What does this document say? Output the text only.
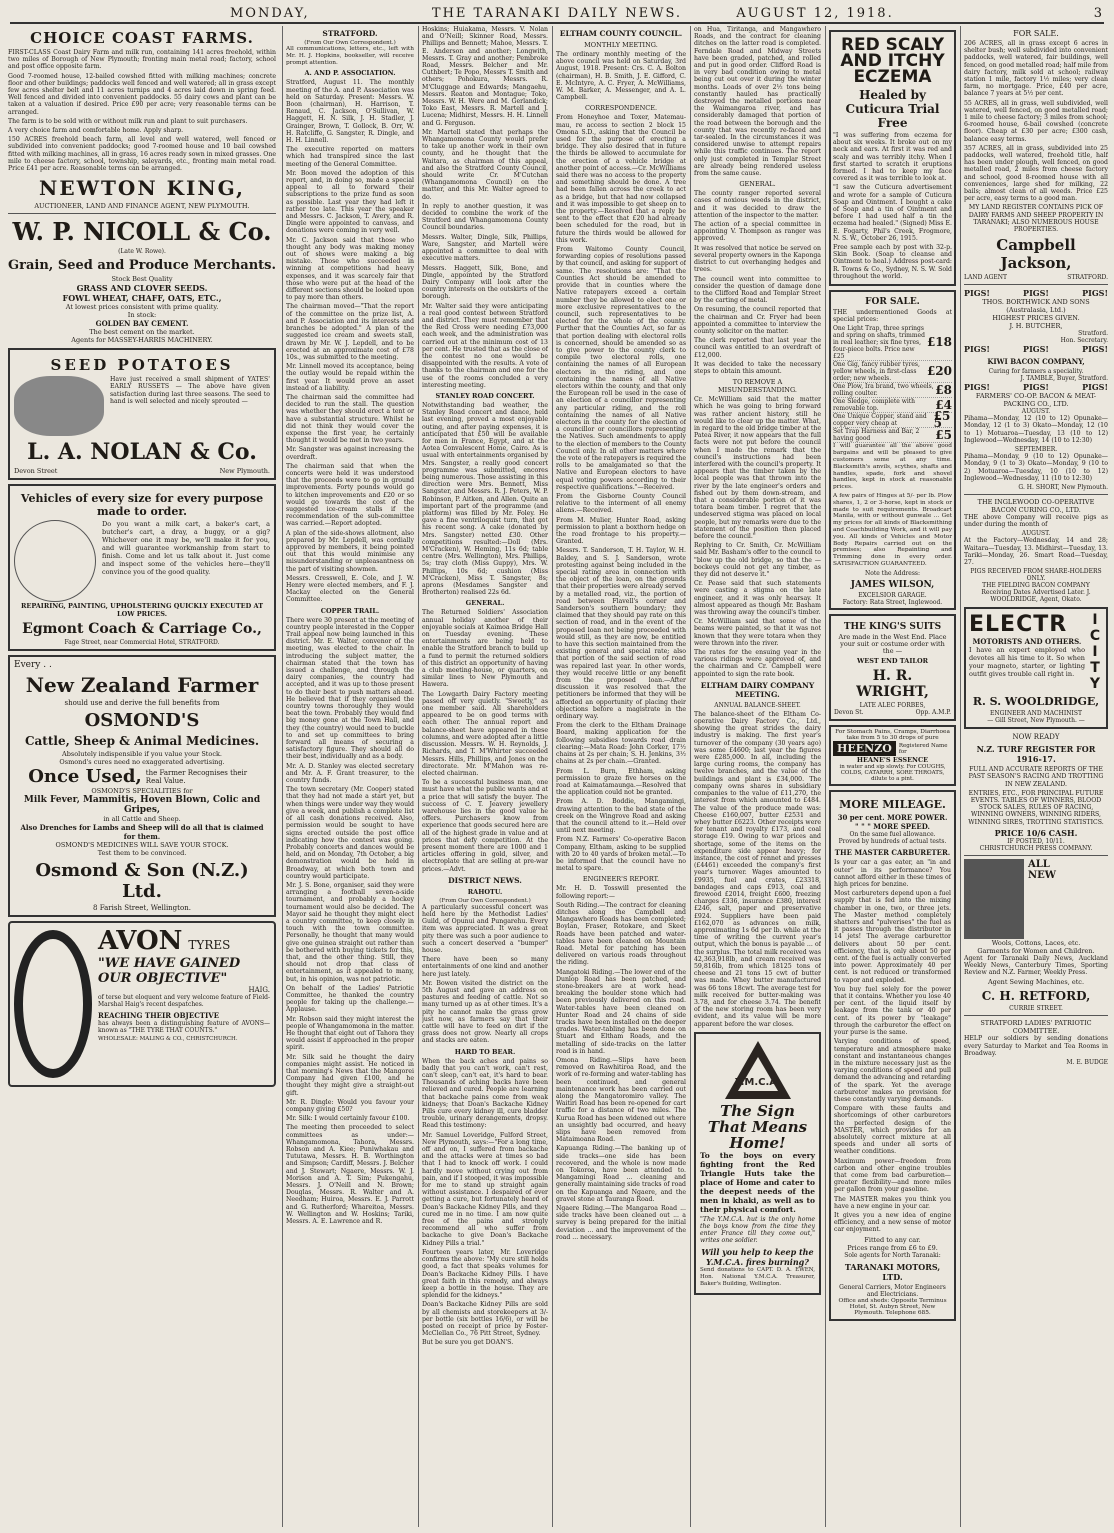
MONDAY,	THE TARANAKI DAILY NEWS.	AUGUST 12, 1918.	3
CHOICE COAST FARMS.

FIRST-CLASS Coast Dairy Farm and milk run, containing 141 acres freehold, within two miles of Borough of New Plymouth; fronting main metal road; factory, school and post office opposite farm.

Good 7-roomed house, 12-bailed cowshed fitted with milking machines; concrete floor and other buildings; paddocks well fenced and well watered; all in grass except few acres shelter belt and 11 acres turnips and 4 acres laid down in spring feed. Well fenced and divided into convenient paddocks. 55 dairy cows and plant can be taken at a valuation if desired. Price £90 per acre; very reasonable terms can be arranged.

The farm is to be sold with or without milk run and plant to suit purchasers.

A very choice farm and comfortable home. Apply sharp.

150 ACRES freehold beach farm, all level and well watered, well fenced or subdivided into convenient paddocks; good 7-roomed house and 10 bail cowshed fitted with milking machines, all in grass, 16 acres ready sown in mixed grasses. One mile to cheese factory, school, township, saleyards, etc., fronting main metal road. Price £41 per acre. Reasonable terms can be arranged.

NEWTON KING,
AUCTIONEER, LAND AND FINANCE AGENT, NEW PLYMOUTH.
W. P. NICOLL & Co.
(Late W. Rowe).
Grain, Seed and Produce Merchants.
Stock Best Quality
GRASS AND CLOVER SEEDS.
FOWL WHEAT, CHAFF, OATS, ETC.,
At lowest prices consistent with prime quality.
In stock:
GOLDEN BAY CEMENT.
The best cement on the market.
Agents for MASSEY-HARRIS MACHINERY.
SEED POTATOES

Have just received a small shipment of YATES' EARLY RUSSETS — The above have given satisfaction during last three seasons. The seed to hand is well selected and nicely sprouted —

L. A. NOLAN & Co.
Devon Street	New Plymouth.
Vehicles of every size for every purpose made to order.

Do you want a milk cart, a baker's cart, a butcher's cart, a dray, a buggy, or a gig? Whichever one it may be, we'll make it for you, and will guarantee workmanship from start to finish. Come and let us talk about it. Just come and inspect some of the vehicles here—they'll convince you of the good quality.

REPAIRING, PAINTING, UPHOLSTERING QUICKLY EXECUTED AT LOW PRICES.
Egmont Coach & Carriage Co.,
Fage Street, near Commercial Hotel, STRATFORD.
Every . .
New Zealand Farmer
should use and derive the full benefits from
OSMOND'S
Cattle, Sheep & Animal Medicines.
Absolutely indispensible if you value your Stock.
Osmond's cures need no exaggerated advertising.
Once Used, the Farmer Recognises their Real Value.
OSMOND'S SPECIALITIES for
Milk Fever, Mammitis, Hoven Blown, Colic and Gripes,
in all Cattle and Sheep.
Also Drenches for Lambs and Sheep will do all that is claimed for them.
OSMOND'S MEDICINES WILL SAVE YOUR STOCK.
Test them to be convinced.
Osmond & Son (N.Z.) Ltd.
8 Farish Street, Wellington.
AVON TYRES
"WE HAVE GAINED OUR OBJECTIVE"
HAIG.

of terse but eloquent and very welcome feature of Field-Marshal Haig's recent despatches.

REACHING THEIR OBJECTIVE

has always been a distinguishing feature of AVONS—known as "THE TYRE THAT COUNTS."

WHOLESALE: MALING & CO., CHRISTCHURCH.
STRATFORD.
(From Our Own Correspondent.)

All communications, letters, etc., left with Mr. H. J. Hopkins, bookseller, will receive prompt attention.

A. AND P. ASSOCIATION.

Stratford, August 11. The monthly meeting of the A. and P. Association was held on Saturday. Present: Messrs. W. Boon (chairman), H. Harrison, T. Renaud, C. Jackson, O'Sullivan, W. Haggett, H. N. Silk, J. H. Stadler, J. Grainger, Brown, T. Gollock, B. Orr, W. H. Ratcliffe, G. Sangster, R. Dingle, and H. H. Linnell.

The executive reported on matters which had transpired since the last meeting of the General Committee.

Mr. Boon moved the adoption of this report, and, in doing so, made a special appeal to all to forward their subscriptions to the prize fund as soon as possible. Last year they had left it rather too late. This year the speaker and Messrs. C. Jackson, T. Avery, and R. Dingle were appointed to canvass, and donations were coming in very well.

Mr. C. Jackson said that those who thought any body was making money out of shows were making a big mistake. Those who succeeded in winning at competitions had heavy expenses, and it was scarcely fair that those who were put at the head of the different sections should be looked upon to pay more than others.

The chairman moved—"That the report of the committee on the prize list, A. and P. Association and its interests and branches be adopted." A plan of the suggested ice cream and sweets stall, drawn by Mr. W. J. Lepdell, and to be erected at an approximate cost of £78 10s., was submitted to the meeting.

Mr. Linnell moved its acceptance, being the outlay would be repaid within the first year. It would prove an asset instead of a liability.

The chairman said the committee had decided to run the stall. The question was whether they should erect a tent or have a substantial structure. Whilst he did not think they would cover the expense the first year, he certainly thought it would be met in two years.

Mr. Sangster was against increasing the overdraft.

The chairman said that when the concerts were held it was understood that the proceeds were to go in ground improvements. Forty pounds would go to kitchen improvements and £20 or so would go towards the cost of the suggested ice-cream stalls if the recommendation of the sub-committee was carried.—Report adopted.

A plan of the side-shows allotment, also prepared by Mr. Lepdell, was cordially approved by members, it being pointed out that this would minimise any misunderstanding or unpleasantness on the part of visiting showmen.

Messrs. Cresswell, E. Cole, and J. W. Henry were elected members, and F. J. Mackay elected on the General Committee.

COPPER TRAIL.

There were 30 present at the meeting of country people interested in the Copper Trail appeal now being launched in this district. Mr. E. Walter, convenor of the meeting, was elected to the chair. In introducing the subject matter, the chairman stated that the town has issued a challenge, and through the dairy companies, the country had accepted, and it was up to those present to do their best to push matters ahead. He believed that if they organised the country towns thoroughly they would beat the town. Probably they would find big money gone at the Town Hall, and they (the country) would need to buckle to and set up committees to bring forward all means of securing a satisfactory figure. They should all do their best, individually and as a body.

Mr. A. D. Stanley was elected secretary and Mr. A. F. Grant treasurer, to the country funds.

The town secretary (Mr. Cooper) stated that they had not made a start yet, but when things were under way they would give a week, and publish a complete list of all cash donations received. Also, permission would be sought to have signs erected outside the post office indicating how the contest was going. Probably concerts and dances would be held, and on Monday, 7th October, a big demonstration would be held in Broadway, at which both town and country would participate.

Mr. J. S. Bone, organiser, said they were arranging a football seven-a-side tournament, and probably a hockey tournament would also be decided. The Mayor said he thought they might elect a country committee, to keep closely in touch with the town committee. Personally, he thought that many would give one guinea straight out rather than be bothered with buying tickets for this, that, and the other thing. Still, they should not drop that class of entertainment, as it appealed to many, but, in his opinion, was not patriotic.

On behalf of the Ladies' Patriotic Committee, he thanked the country people for taking up the challenge.—Applause.

Mr. Robson said they might interest the people of Whangamomona in the matter. He thought that eight out of Tahora they would assist if approached in the proper spirit.

Mr. Silk said he thought the dairy companies might assist. He noticed in that morning's News that the Mangorei Company had given £100, and he thought they might give a straight-out gift.

Mr. R. Dingle: Would you favour your company giving £50?

Mr. Silk: I would certainly favour £100.

The meeting then proceeded to select committees as under:—Whangamomona, Tahora, Messrs. Robson and A. Kiee; Puniwhakau and Tututawa, Messrs. H. B. Worthington and Simpson; Cardiff, Messrs. J. Belcher and J. Stewart; Ngaere, Messrs. W. J. Morison and A. T. Sim; Pukengahu, Messrs. J. O'Neill and N. Brown; Douglas, Messrs. R. Walter and A. Needham; Huiroa, Messrs. E. J. Parrott and G. Rutherford; Whareitoa, Messrs. W. Wellington and W. Hoskins; Tariki, Messrs. A. E. Lawrence and R.

Hoskins; Huiakama, Messrs. V. Nolan and O'Neill; Skinner Road, Messrs. Phillips and Bennett; Mahoe, Messrs. T. E. Anderson and another; Longwith, Messrs. T. Gray and another; Pembroke Road, Messrs. Belcher and Mr. Cuthbert; Te Popo, Messrs T. Smith and others; Pohokura, Messrs. R. M'Cluggage and Edwards; Mangaehu, Messrs. Reaton and Montague; Toko, Messrs. W. H. Were and M. Gerlandick; Toko East, Messrs. R. Martell and J. Lucena; Midhirst, Messrs. H. H. Linnell and G. Ferguson.

Mr. Martell stated that perhaps the Whangamomona County would prefer to take up another work in their own county, and he thought that the Waitara, as chairman of this appeal, and also the Stratford County Council, should write Cr. M'Cutchan (Whangamomona Council) on the matter, and this Mr. Walter agreed to do.

In reply to another question, it was decided to combine the work of the Stratford and Whangamomona County Council boundaries.

Messrs. Walter, Dingle, Silk, Phillips, Ware, Sangster, and Martell were appointed a committee to deal with executive matters.

Messrs. Haggett, Silk, Bone, and Dingle, appointed by the Stratford Dairy Company will look after the country interests on the outskirts of the borough.

Mr. Walter said they were anticipating a real good contest between Stratford and district. They must remember that the Red Cross were needing £73,000 each week, and the administration was carried out at the minimum cost of 13 per cent. He trusted that as the close of the contest no one would be disappointed with the results. A vote of thanks to the chairman and one for the use of the rooms concluded a very interesting meeting.

STANLEY ROAD CONCERT.

Notwithstanding bad weather, the Stanley Road concert and dance, held last evening, proved a most enjoyable outing, and after paying expenses, it is anticipated that £50 will be available for men in France, Egypt, and at the Aotea Convalescent Home, Cairo. As is usual with entertainments organised by Mrs. Sangster, a really good concert programme was submitted, encores being numerous. Those assisting in this direction were Mrs. Bennett, Miss Sangster, and Messrs. R. J. Peters, W. P. Robinson, P. Aitken, and Allen. Quite an important part of the programme (and platform) was filled by Mr. Foley. He gave a fine ventriloquist turn, that got his recent song. A cake (donated by Mrs. Sangster) netted £30. Other competitions resulted:—Doll (Mrs. M'Cracken), W. Heming, 11s 6d; table centre (Mrs. Wellington), Mrs. Phillips, 5s; tray cloth (Miss Guppy), Mrs. W. Phillips, 10s 6d; cushion (Miss M'Cracken), Miss T. Sangster, 8s; aprons (Mesdames Sangster and Brotherton) realised 22s 6d.

GENERAL.

The Returned Soldiers' Association annual holiday another of their enjoyable socials at Kaimoa Bridge Hall on Tuesday evening. These entertainments are being held to enable the Stratford branch to build up a fund to permit the returned soldiers of this district an opportunity of having a club meeting-house, or quarters, on similar lines to New Plymouth and Hawera.

The Lowgarth Dairy Factory meeting passed off very quietly. "Sweetly," as one member said. All shareholders appeared to be on good terms with each other. The annual report and balance-sheet have appeared in these columns, and were adopted after a little discussion. Messrs. W. H. Reynolds, J. Richards, and T. M'Whirter succeeded Messrs. Hills, Phillips, and Jones on the directorate. Mr. M'Mahon was re-elected chairman.

To be a successful business man, one must have what the public wants and at a price that will satisfy the buyer. The success of C. T. Jeavery jewellery warehouse lies in the good value he offers. Purchasers know from experience that goods secured here are all of the highest grade in value and at prices that defy competition. At the present moment there are 1000 and 1 articles offering in gold, silver, and electroplate that are selling at pre-war prices.—Advt.

DISTRICT NEWS.
RAHOTU.
(From Our Own Correspondent.)

A particularly successful concert was held here by the Methodist Ladies' Guild, of Opunui and Pungarehu. Every item was appreciated. It was a great pity there was such a poor audience to such a concert deserved a "bumper" house.

There have been so many entertainments of one kind and another here just lately.

Mr. Bowen visited the district on the 5th August and gave an address on pastures and feeding of cattle. Not so many turned up as at other times. It's a pity he cannot make the grass grow just now, as farmers say that their cattle will have to feed on dirt if the grass does not grow. Nearly all crops and stacks are eaten.

HARD TO BEAR.

When the back aches and pains so badly that you can't work, can't rest, can't sleep, can't eat, it's hard to bear. Thousands of aching backs have been relieved and cured. People are learning that backache pains come from weak kidneys; that Doan's Backache Kidney Pills cure every kidney ill, cure bladder trouble, urinary derangements, dropsy. Read this testimony:

Mr. Samuel Loveridge, Fulford Street, New Plymouth, says:—"For a long time, off and on, I suffered from backache and the attacks were at times so bad that I had to knock off work. I could hardly move without crying out from pain, and if I stooped, it was impossible for me to stand up straight again without assistance. I despaired of ever getting a cure, but fortunately heard of Doan's Backache Kidney Pills, and they cured me in no time. I am now quite free of the pains and strongly recommend all who suffer from backache to give Doan's Backache Kidney Pills a trial."

Fourteen years later, Mr. Loveridge confirms the above: "My cure still holds good, a fact that speaks volumes for Doan's Backache Kidney Pills. I have great faith in this remedy, and always keep a bottle in the house. They are splendid for the kidneys."

Doan's Backache Kidney Pills are sold by all chemists and storekeepers at 3/- per bottle (six bottles 16/6), or will be posted on receipt of price by Foster-McClellan Co., 76 Pitt Street, Sydney.

But be sure you get DOAN'S.

ELTHAM COUNTY COUNCIL.
MONTHLY MEETING.

The ordinary monthly meeting of the above council was held on Saturday, 3rd August, 1918. Present: Crs. C. A. Bolton (chairman), H. B. Smith, J. E. Gifford, C. E. McIntyre, A. C. Fryer, A. McWilliams, W. M. Barker, A. Messenger, and A. L. Campbell.

CORRESPONDENCE.

From Honeyhoe and Toxer, Matemau-mau, re access to section 2 block 15 Omona S.D., asking that the Council be used for the purpose of erecting a bridge. They also desired that in future the thirds be allowed to accumulate for the erection of a vehicle bridge at another point of access.—Cr. McWilliams said there was no access to the property and something should be done. A tree had been fallen across the creek to act as a bridge, but that had now collapsed and it was impossible to get sheep on to the property.—Resolved that a reply be sent to the effect that £20 had already been scheduled for the road, but in future the thirds would be allowed for this work.

From Waitomo County Council, forwarding copies of resolutions passed by that council, and asking for support of same. The resolutions are: "That the Counties Act should be amended to provide that in counties where the Native ratepayers exceed a certain number they be allowed to elect one or more exclusive representatives to the council, such representatives to be elected for the whole of the county. Further that the Counties Act, so far as that portion dealing with electoral rolls is concerned, should be amended so as to give power to the county clerk to compile two electoral rolls, one containing the names of all European electors in the riding, and one containing the names of all Native electors within the county, and that only the European roll be used in the case of an election of a councillor representing any particular riding, and the roll containing the names of all Native electors in the county for the election of a councillor or councillors representing the Natives. Such amendments to apply to the election of members to the County Council only. In all other matters where the vote of the ratepayers is required the rolls to be amalgamated so that the Native and European electors to have equal voting powers according to their respective qualifications."—Received.

From the Gisborne County Council relative to the interment of all enemy aliens.—Received.

From M. Mulier, Hunter Road, asking permission to plant a boxthorn hedge on the road frontage to his property.—Granted.

Messrs. T. Sanderson, T. H. Taylor, W. H. Baldey, and S. J. Sanderson, wrote protesting against being included in the special rating area in connection with the object of the loan, on the grounds that their properties were already served by a metalled road, viz., the portion of road between Flavell's corner and Sanderson's southern boundary; they claimed that they should pay rate on this section of road, and in the event of the proposed loan not being proceeded with would still, as they are now, be entitled to have this section maintained from the existing general and special rate; also that portion of the said section of road was repaired last year. In other words, they would receive little or any benefit from the proposed loan.—After discussion it was resolved that the petitioners be informed that they will be afforded an opportunity of placing their objections before a magistrate in the ordinary way.

From the clerk to the Eltham Drainage Board, making application for the following subsidies towards road drain clearing:—Mata Road: John Corker, 17½ chains at 2s per chain; S. H. Jenkins, 3½ chains at 2s per chain.—Granted.

From L. Burn, Ethham, asking permission to graze five horses on the road at Kaimatamaunga.—Resolved that the application could not be granted.

From A. D. Boddie, Mangamingi, drawing attention to the bad state of the creek on the Wingrove Road and asking that the council attend to it.—Held over until next meeting.

From N.Z. Farmers' Co-operative Bacon Company, Eltham, asking to be supplied with 20 to 40 yards of broken metal.—To be informed that the council have no metal to spare.

ENGINEER'S REPORT.

Mr. H. D. Tosswill presented the following report:—

South Riding.—The contract for cleaning ditches along the Campbell and Mangawhero Roads has been completed; Boylan, Fraser, Rotokare, and Skeet Roads have been patched and water-tables have been cleaned on Mountain Road. Metal for patching has been delivered on various roads throughout the riding.

Mangatoki Riding.—The lower end of the Dunlop Road has been patched, and stone-breakers are at work head-breaking the boulder stone which had been previously delivered on this road. Water-tables have been cleaned on Hunter Road and 24 chains of side tracks have been installed on the deeper grades. Water-tabling has been done on Stuart and Eltham Roads, and the metalling of side-tracks on the latter road is in hand.

Omona Riding.—Slips have been removed on Rawhitiroa Road, and the work of re-forming and water-tabling has been continued, and general maintenance work has been carried out along the Mangatoromiro valley. The Waitiri Road has been re-opened for cart traffic for a distance of two miles. The Kurua Road has been widened out where an unsightly bad occurred, and heavy slips have been removed from Mataimoana Road.

Kapuanga Riding.—The banking up of side tracks—one side has been recovered, and the whole is now made on Tokoroa, have been attended to. Mangamingi Road ... cleaning and generally maintaining side tracks of road on the Kapuanga and Ngaere, and the gravel stone at Tauranga Road.

Ngaere Riding.—The Mangaroa Road ... side tracks have been cleaned out ... a survey is being prepared for the initial deviation ... and the improvement of the road ... necessary.

on Hua, Tiritanga, and Mangawhero Roads, and the contract for cleaning ditches on the latter road is completed. Ferndale Road and Midway Streets have been graded, patched, and rolled and put in good order. Clifford Road is in very bad condition owing to metal being cut out over it during the winter months. Loads of over 2½ tons being constantly hauled has practically destroyed the metalled portions near the Waimangaroa river, and has considerably damaged that portion of the road between the borough and the county that was recently re-faced and tar-sealed. In the circumstances it was considered unwise to attempt repairs while this traffic continues. The report only just completed in Templar Street are already being rendered useless from the same cause.

GENERAL.

The county ranger reported several cases of noxious weeds in the district, and it was decided to draw the attention of the inspector to the matter.

The action of a special committee in appointing V. Thompson as ranger was approved.

It was resolved that notice be served on several property owners in the Kaponga district to cut overhanging hedges and trees.

The council went into committee to consider the question of damage done to the Clifford Road and Templar Street by the carting of metal.

On resuming, the council reported that the chairman and Cr. Fryer had been appointed a committee to interview the county solicitor on the matter.

The clerk reported that last year the council was entitled to an overdraft of £12,000.

It was decided to take the necessary steps to obtain this amount.

TO REMOVE A MISUNDERSTANDING.

Cr. McWilliam said that the matter which he was going to bring forward was rather ancient history, still he would like to clear up the matter. What, in regard to the old bridge timber at the Patea River, it now appears that the full facts were not put before the council when I made the remark that the council's instructions had been interfered with the council's property. It appears that the timber taken by the local people was that thrown into the river by the late engineer's orders and fished out by them down-stream, and that a considerable portion of it was totara beam timber. I regret that the undeserved stigma was placed on local people, but my remarks were due to the statement of the position then placed before the council."

Replying to Cr. Smith, Cr. McWilliam said Mr. Basham's offer to the council to "blow up the old bridge, so that the — bockeys could not get any timber, as they did not deserve it."

Cr. Pease said that such statements were casting a stigma on the late engineer, and it was only hearsay. It almost appeared as though Mr. Basham was throwing away the council's timber.

Cr. McWilliam said that some of the beams were painted, so that it was not known that they were totara when they were thrown into the river.

The rates for the ensuing year in the various ridings were approved of, and the chairman and Cr. Campbell were appointed to sign the rate book.

ELTHAM DAIRY COMPANY MEETING.
ANNUAL BALANCE-SHEET.

The balance-sheet of the Eltham Co-operative Dairy Factory Co., Ltd., showing the great strides the dairy industry is making. The first year's turnover of the company (30 years ago) was some £4600; last year the figures were £285,000. In all, including the large curing rooms, the company has twelve branches, and the value of the buildings and plant is £34,000. The company owns shares in subsidiary companies to the value of £11,270, the interest from which amounted to £484. The value of the produce made was: Cheese £160,007, butter £2531 and whey butter £6223. Other receipts were for tenant and royalty £173, and coal storage £19. Owing to war prices and shortage, some of the items on the expenditure side appear heavy; for instance, the cost of rennet and presses (£4461) exceeded the company's first year's turnover. Wages amounted to £9935, fuel and crates, £23318, bandages and caps £913, coal and firewood £2014, freight £600, freezing charges £336, insurance £380, interest £246, salt, paper and preservative £924. Suppliers have been paid £162,070 as advances on milk, approximating 1s 6d per lb. while at the time of writing the current year's output, which the bonus is payable ... of the surplus. The total milk received was 42,363,918lb, and cream received was 59,816lb, from which 18125 tons of cheese and 21 tons 15 cwt of butter was made. Whey butter manufactured was 66 tons 18cwt. The average test for milk received for butter-making was 3.78, and for cheese 3.74. The benefit of the new storing room has been very evident, and its value will be more apparent before the war closes.

Y.M.C.A.
The Sign That Means Home!

To the boys on every fighting front the Red Triangle Huts take the place of Home and cater to the deepest needs of the men in khaki, as well as to their physical comfort.

"The Y.M.C.A. hut is the only home the boys know from the time they enter France till they come out," writes one soldier.

Will you help to keep the Y.M.C.A. fires burning?

Send donations to CAPT. D. A. EWEN, Hon. National Y.M.C.A. Treasurer, Baker's Building, Wellington.

RED SCALY AND ITCHY ECZEMA
Healed by Cuticura Trial Free

"I was suffering from eczema for about six weeks. It broke out on my neck and ears. At first it was red and scaly and was terribly itchy. When I first started to scratch it eruptions formed. I had to keep my face covered as it was terrible to look at.

"I saw the Cuticura advertisement and wrote for a sample of Cuticura Soap and Ointment. I bought a cake of Soap and a tin of Ointment and before I had used half a tin the eczema had healed." (Signed) Miss E. E. Fogarty, Phil's Creek, Frogmore, N. S. W., October 26, 1915.

Free sample each by post with 32-p. Skin Book. (Soap to cleanse and Ointment to heal.) Address post-card: R. Towns & Co., Sydney, N. S. W. Sold throughout the world.

FOR SALE.

THE undermentioned Goods at special prices:

One Light Trap, three springs and spring on shafts, trimmed in real leather; six fine tyres, four-piece bolts. Price new £25
£18
One Gig, fancy rubber tyres, yellow wheels, in first-class order; new wheels.
£20
One Plow, Ira brand, two wheels, rolling coulter.	£8
One Sledge, complete with removable top.	£4
One Unique Copper, stand and copper very cheap at
£5 5
Set Trap Harness and Bar, 2 having good	£5

I will guarantee all the above good bargains and will be pleased to give customers some at any time. Blacksmith's anvils, scythes, shafts and handles, spade, fork and shovel handles, kept in stock at reasonable prices.

A few pairs of Hinges at 5/- per lb. Plow shares, 1, 2 or 3-horse, kept in stock or made to suit requirements. Broadcart Manila, with or without gunwale ... Get my prices for all kinds of Blacksmithing and Coachbuilding Work, and it will pay you. All kinds of Vehicles and Motor Body Repairs carried out on the premises; also Repainting and Trimming done in every order. SATISFACTION GUARANTEED.

Note the Address:
JAMES WILSON,
EXCELSIOR GARAGE.
Factory: Rata Street, Inglewood.
THE KING'S SUITS

Are made in the West End. Place your suit or costume order with the —

WEST END TAILOR
H. R. WRIGHT,
LATE ALEC FORBES,
Devon St.	Opp. A.M.P.
For Stomach Pains, Cramps, Diarrhoea take from 5 to 30 drops of pure
HEENZO	Registered Name for
HEANE'S ESSENCE
in water and sip slowly. For COUGHS, COLDS, CATARRH, SORE THROATS, dilute to a pint.
MORE MILEAGE.
30 per cent. MORE POWER.
" " " MORE SPEED.
On the same fuel allowance.
Proved by hundreds of actual tests.
THE MASTER CARBURETER.

Is your car a gas eater, an "in and outer" in its performance? You cannot afford either in these times of high prices for benzine.

Most carbureters depend upon a fuel supply that is fed into the mixing chamber in one, two, or three jets. The Master method completely shatters and "pulverises" the fuel as it passes through the distributor in 14 jets! The average carburettor delivers about 50 per cent. efficiency, that is, only about 50 per cent. of the fuel is actually converted into power. Approximately 40 per cent. is not reduced or transformed to vapor and exploded.

You buy fuel solely for the power that it contains. Whether you lose 40 per cent. of the liquid itself by leakage from the tank or 40 per cent. of its power by "leakage" through the carburetor the effect on your purse is the same.

Varying conditions of speed, temperature and atmosphere make constant and instantaneous changes in the mixture necessary just as the varying conditions of speed and pull demand the advancing and retarding of the spark. Yet the average carburetor makes no provision for these constantly varying demands.

Compare with these faults and shortcomings of other carburetors the perfected design of the MASTER, which provides for an absolutely correct mixture at all speeds and under all sorts of weather conditions.

Maximum power—freedom from carbon and other engine troubles that come from bad carburetion—greater flexibility—and more miles per gallon from your gasoline.

The MASTER makes you think you have a new engine in your car.

It gives you a new idea of engine efficiency, and a new sense of motor car enjoyment.

Fitted to any car.
Prices range from £6 to £9.
Sole agents for North Taranaki:
TARANAKI MOTORS, LTD.
General Carriers, Motor Engineers and Electricians.
Office and sheds: Opposite Terminus Hotel, St. Aubyn Street, New Plymouth. Telephone 685.
FOR SALE.

206 ACRES, all in grass except 6 acres in shelter bush; well subdivided into convenient paddocks, well watered, fair buildings, well fenced, on good metalled road; half mile from dairy factory, milk sold at school; railway station 1 mile, factory 1½ miles; very clean farm, no mortgage. Price, £40 per acre, balance 7 years at 5½ per cent.

55 ACRES, all in grass, well subdivided, well watered, well fenced, on good metalled road; 1 mile to cheese factory; 3 miles from school; 6-roomed house, 6-bail cowshed (concrete floor). Cheap at £30 per acre; £300 cash, balance easy terms.

357 ACRES, all in grass, subdivided into 25 paddocks, well watered, freehold title, half has been under plough, well fenced, on good metalled road, 2 miles from cheese factory and school, good 8-roomed house with all conveniences, large shed for milking, 22 bails; almost clean of all weeds. Price £25 per acre, easy terms to a good man.

MY LAND REGISTER CONTAINS PICK OF DAIRY FARMS AND SHEEP PROPERTY IN TARANAKI; ALSO NUMEROUS HOUSE PROPERTIES.

Campbell Jackson,
LAND AGENT	STRATFORD.
PIGS!	PIGS!	PIGS!
THOS. BORTHWICK AND SONS (Australasia, Ltd.)
HIGHEST PRICES GIVEN.
J. H. BUTCHER,
Stratford.
Hon. Secretary.
PIGS!	PIGS!	PIGS!
KIWI BACON COMPANY,
Curing for farmers a speciality.
J. TAMBLE, Buyer, Stratford.
PIGS!	PIGS!	PIGS!
FARMERS' CO-OP. BACON & MEAT-PACKING CO., LTD.
AUGUST.

Pihama—Monday, 12 (10 to 12) Opunake—Monday, 12 (1 to 3) Okato—Monday, 12 (10 to 1) Motuaroa—Tuesday, 13 (10 to 12) Inglewood—Wednesday, 14 (10 to 12:30)

SEPTEMBER.

Pihama—Monday, 9 (10 to 12) Opunake—Monday, 9 (1 to 3) Okato—Monday, 9 (10 to 2) Motuaroa—Tuesday, 10 (10 to 12) Inglewood—Wednesday, 11 (10 to 12:30)

G. H. SHORT, New Plymouth.
THE INGLEWOOD CO-OPERATIVE BACON CURING CO., LTD.

THE above Company will receive pigs as under during the month of

AUGUST.

At the Factory—Wednesday, 14 and 28; Waitara—Tuesday, 13. Midhirst—Tuesday, 13. Tariki—Monday, 26. Smart Road—Tuesday, 27.

PIGS RECEIVED FROM SHARE-HOLDERS ONLY.
THE FIELDING BACON COMPANY
Receiving Dates Advertised Later. J. WOOLDRIDGE, Agent, Okato.
ELECTR
MOTORISTS AND OTHERS.

I have an expert employed who devotes all his time to it. So when your magneto, starter, or lighting outfit gives trouble call right in. ICITY
R. S. WOOLDRIDGE,
ENGINEER AND MACHINIST
— Gill Street, New Plymouth. —
NOW READY
N.Z. TURF REGISTER FOR 1916-17.

FULL AND ACCURATE REPORTS OF THE PAST SEASON'S RACING AND TROTTING IN NEW ZEALAND.

ENTRIES, ETC., FOR PRINCIPAL FUTURE EVENTS. TABLES OF WINNERS, BLOOD STOCK SALES, RULES OF RACING, WINNING OWNERS, WINNING RIDERS, WINNING SIRES, TROTTING STATISTICS.

PRICE 10/6 CASH.
IF POSTED, 10/11.
CHRISTCHURCH PRESS COMPANY.
ALL
NEW
Wools, Cottons, Laces, etc.
Garments for Women and Children.

Agent for Taranaki Daily News, Auckland Weekly News, Canterbury Times, Sporting Review and N.Z. Farmer, Weekly Press.

Agent Sewing Machines, etc.
C. H. RETFORD,
CURRIE STREET.
STRATFORD LADIES' PATRIOTIC COMMITTEE.

HELP our soldiers by sending donations every Saturday to Market and Tea Rooms in Broadway.

M. E. BUDGE
